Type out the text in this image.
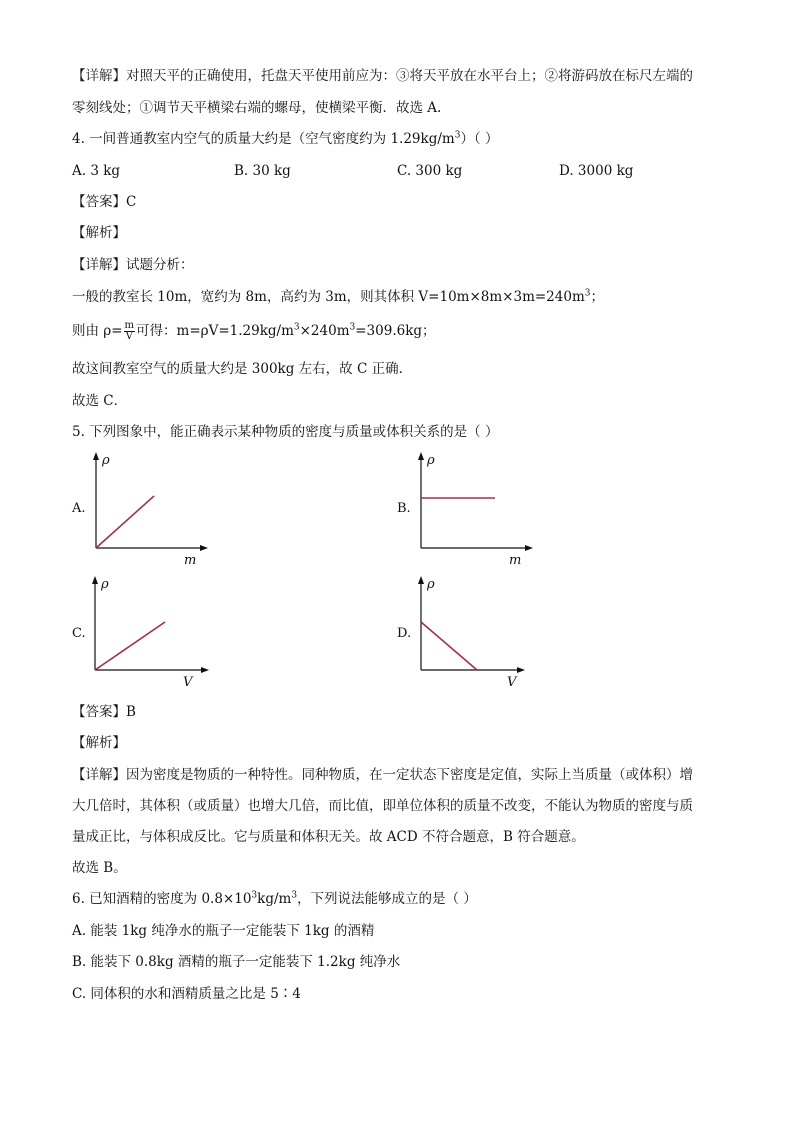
【详解】对照天平的正确使用，托盘天平使用前应为：③将天平放在水平台上；②将游码放在标尺左端的
零刻线处；①调节天平横梁右端的螺母，使横梁平衡．故选 A.
4. 一间普通教室内空气的质量大约是（空气密度约为 $1.29kg/m^3$）（ ）
A. 3 kg	B. 30 kg	C. 300 kg	D. 3000 kg
【答案】C
【解析】
【详解】试题分析：
一般的教室长 10m，宽约为 8m，高约为 3m，则其体积 $V=10m\times 8m\times 3m=240m^3$；
则由 $\rho= \frac{m}{V}$ 可得：$m=\rho V=1.29kg/m^3\times 240m^3=309.6kg$；
故这间教室空气的质量大约是 300kg 左右，故 C 正确．
故选 C．
5. 下列图象中，能正确表示某种物质的密度与质量或体积关系的是（ ）
A.
ρ
m
B.
ρ
m
C.
ρ
V
D.
ρ
V
【答案】B
【解析】
【详解】因为密度是物质的一种特性。同种物质，在一定状态下密度是定值，实际上当质量（或体积）增
大几倍时，其体积（或质量）也增大几倍，而比值，即单位体积的质量不改变，不能认为物质的密度与质
量成正比，与体积成反比。它与质量和体积无关。故 ACD 不符合题意，B 符合题意。
故选 B。
6. 已知酒精的密度为 $0.8\times 10^3kg/m^3$，下列说法能够成立的是（ ）
A. 能装 1kg 纯净水的瓶子一定能装下 1kg 的酒精
B. 能装下 0.8kg 酒精的瓶子一定能装下 1.2kg 纯净水
C. 同体积的水和酒精质量之比是 5∶4
